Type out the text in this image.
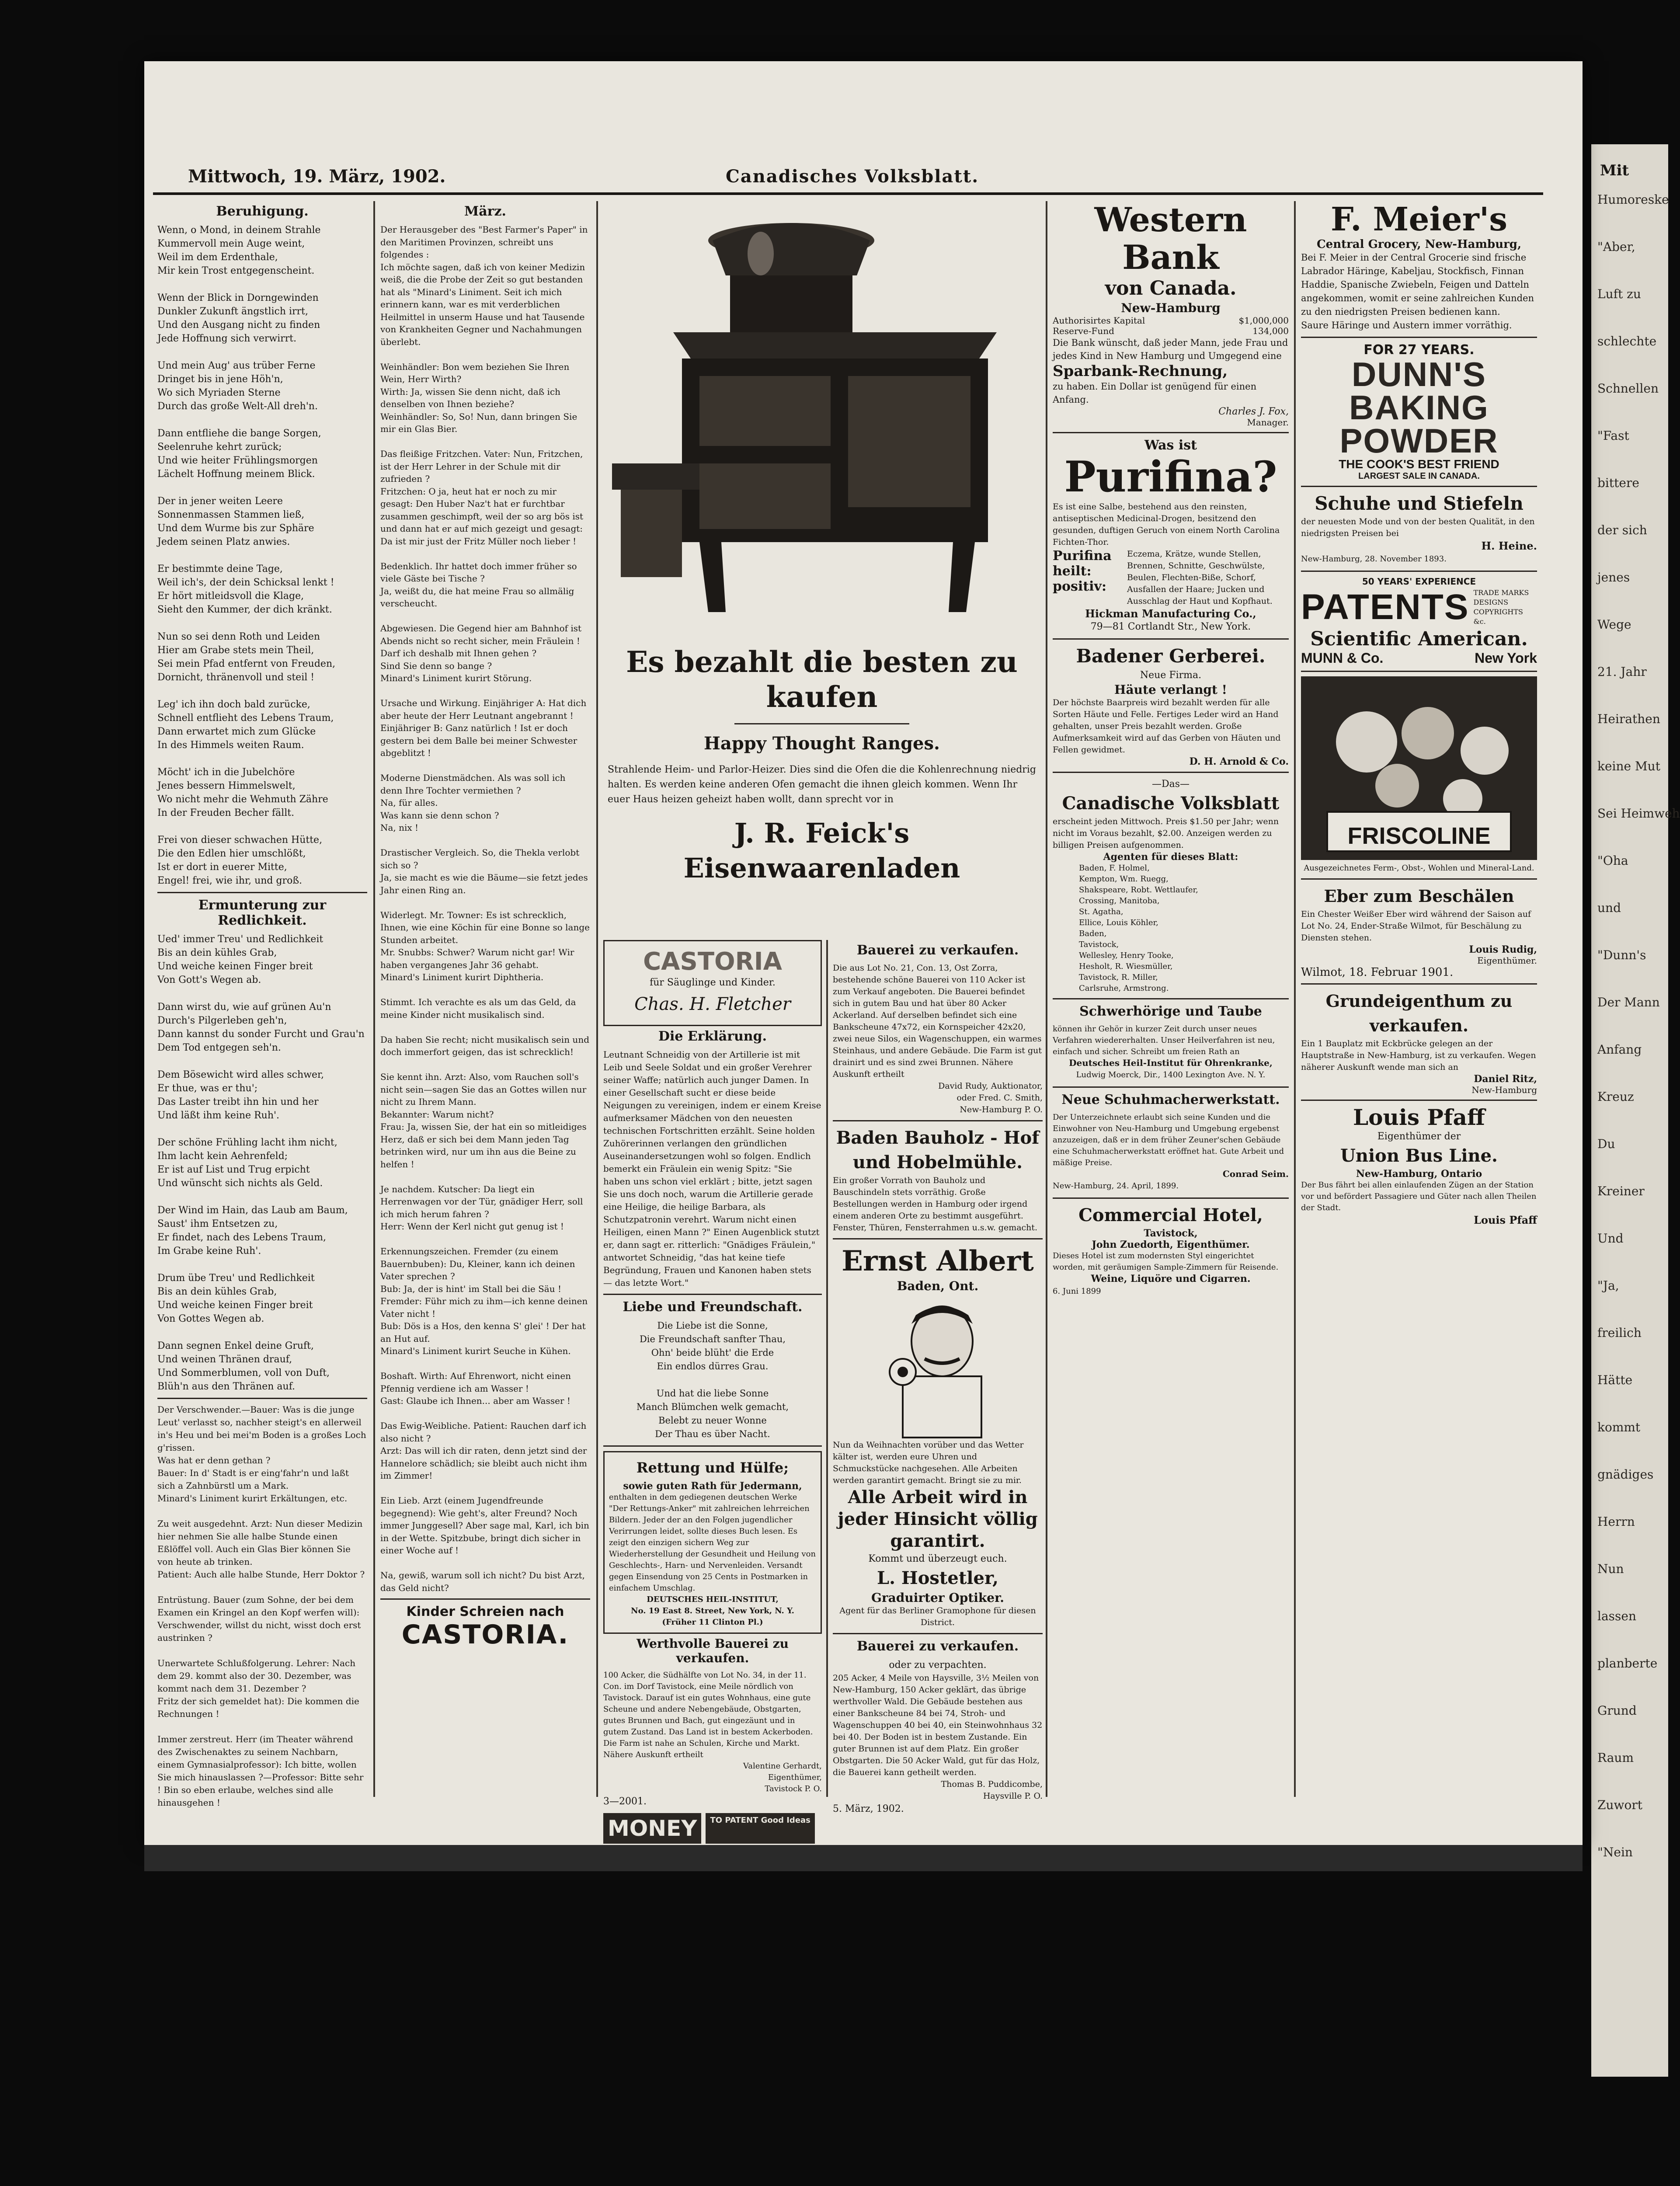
Mit
Humoreske
"Aber,
Luft zu
schlechte
Schnellen
"Fast
bittere
der sich
jenes
Wege
21. Jahr
Heirathen
keine Mut
Sei Heimweh
"Oha
und
"Dunn's
Der Mann
Anfang
Kreuz
Du
Kreiner
Und
"Ja,
freilich
Hätte
kommt
gnädiges
Herrn
Nun
lassen
planberte
Grund
Raum
Zuwort
"Nein
Mittwoch, 19. März, 1902.	Canadisches Volksblatt.
Beruhigung.

Wenn, o Mond, in deinem Strahle
Kummervoll mein Auge weint,
Weil im dem Erdenthale,
Mir kein Trost entgegenscheint.

Wenn der Blick in Dorngewinden
Dunkler Zukunft ängstlich irrt,
Und den Ausgang nicht zu finden
Jede Hoffnung sich verwirrt.

Und mein Aug' aus trüber Ferne
Dringet bis in jene Höh'n,
Wo sich Myriaden Sterne
Durch das große Welt-All dreh'n.

Dann entfliehe die bange Sorgen,
Seelenruhe kehrt zurück;
Und wie heiter Frühlingsmorgen
Lächelt Hoffnung meinem Blick.

Der in jener weiten Leere
Sonnenmassen Stammen ließ,
Und dem Wurme bis zur Sphäre
Jedem seinen Platz anwies.

Er bestimmte deine Tage,
Weil ich's, der dein Schicksal lenkt !
Er hört mitleidsvoll die Klage,
Sieht den Kummer, der dich kränkt.

Nun so sei denn Roth und Leiden
Hier am Grabe stets mein Theil,
Sei mein Pfad entfernt von Freuden,
Dornicht, thränenvoll und steil !

Leg' ich ihn doch bald zurücke,
Schnell entflieht des Lebens Traum,
Dann erwartet mich zum Glücke
In des Himmels weiten Raum.

Möcht' ich in die Jubelchöre
Jenes bessern Himmelswelt,
Wo nicht mehr die Wehmuth Zähre
In der Freuden Becher fällt.

Frei von dieser schwachen Hütte,
Die den Edlen hier umschlößt,
Ist er dort in euerer Mitte,
Engel! frei, wie ihr, und groß.

Ermunterung zur Redlichkeit.

Ued' immer Treu' und Redlichkeit
Bis an dein kühles Grab,
Und weiche keinen Finger breit
Von Gott's Wegen ab.

Dann wirst du, wie auf grünen Au'n
Durch's Pilgerleben geh'n,
Dann kannst du sonder Furcht und Grau'n
Dem Tod entgegen seh'n.

Dem Bösewicht wird alles schwer,
Er thue, was er thu';
Das Laster treibt ihn hin und her
Und läßt ihm keine Ruh'.

Der schöne Frühling lacht ihm nicht,
Ihm lacht kein Aehrenfeld;
Er ist auf List und Trug erpicht
Und wünscht sich nichts als Geld.

Der Wind im Hain, das Laub am Baum,
Saust' ihm Entsetzen zu,
Er findet, nach des Lebens Traum,
Im Grabe keine Ruh'.

Drum übe Treu' und Redlichkeit
Bis an dein kühles Grab,
Und weiche keinen Finger breit
Von Gottes Wegen ab.

Dann segnen Enkel deine Gruft,
Und weinen Thränen drauf,
Und Sommerblumen, voll von Duft,
Blüh'n aus den Thränen auf.

Der Verschwender.—Bauer: Was is die junge Leut' verlasst so, nachher steigt's en allerweil in's Heu und bei mei'm Boden is a großes Loch g'rissen.
Was hat er denn gethan ?
Bauer: In d' Stadt is er eing'fahr'n und laßt sich a Zahnbürstl um a Mark.
Minard's Liniment kurirt Erkältungen, etc.

Zu weit ausgedehnt. Arzt: Nun dieser Medizin hier nehmen Sie alle halbe Stunde einen Eßlöffel voll. Auch ein Glas Bier können Sie von heute ab trinken.
Patient: Auch alle halbe Stunde, Herr Doktor ?

Entrüstung. Bauer (zum Sohne, der bei dem Examen ein Kringel an den Kopf werfen will): Verschwender, willst du nicht, wisst doch erst austrinken ?

Unerwartete Schlußfolgerung. Lehrer: Nach dem 29. kommt also der 30. Dezember, was kommt nach dem 31. Dezember ?
Fritz der sich gemeldet hat): Die kommen die Rechnungen !

Immer zerstreut. Herr (im Theater während des Zwischenaktes zu seinem Nachbarn, einem Gymnasialprofessor): Ich bitte, wollen Sie mich hinauslassen ?—Professor: Bitte sehr ! Bin so eben erlaube, welches sind alle hinausgehen !

März.

Der Herausgeber des "Best Farmer's Paper" in den Maritimen Provinzen, schreibt uns folgendes :
Ich möchte sagen, daß ich von keiner Medizin weiß, die die Probe der Zeit so gut bestanden hat als "Minard's Liniment. Seit ich mich erinnern kann, war es mit verderblichen Heilmittel in unserm Hause und hat Tausende von Krankheiten Gegner und Nachahmungen überlebt.

Weinhändler: Bon wem beziehen Sie Ihren Wein, Herr Wirth?
Wirth: Ja, wissen Sie denn nicht, daß ich denselben von Ihnen beziehe?
Weinhändler: So, So! Nun, dann bringen Sie mir ein Glas Bier.

Das fleißige Fritzchen. Vater: Nun, Fritzchen, ist der Herr Lehrer in der Schule mit dir zufrieden ?
Fritzchen: O ja, heut hat er noch zu mir gesagt: Den Huber Naz't hat er furchtbar zusammen geschimpft, weil der so arg bös ist und dann hat er auf mich gezeigt und gesagt: Da ist mir just der Fritz Müller noch lieber !

Bedenklich. Ihr hattet doch immer früher so viele Gäste bei Tische ?
Ja, weißt du, die hat meine Frau so allmälig verscheucht.

Abgewiesen. Die Gegend hier am Bahnhof ist Abends nicht so recht sicher, mein Fräulein ! Darf ich deshalb mit Ihnen gehen ?
Sind Sie denn so bange ?
Minard's Liniment kurirt Störung.

Ursache und Wirkung. Einjähriger A: Hat dich aber heute der Herr Leutnant angebrannt !
Einjähriger B: Ganz natürlich ! Ist er doch gestern bei dem Balle bei meiner Schwester abgeblitzt !

Moderne Dienstmädchen. Als was soll ich denn Ihre Tochter vermiethen ?
Na, für alles.
Was kann sie denn schon ?
Na, nix !

Drastischer Vergleich. So, die Thekla verlobt sich so ?
Ja, sie macht es wie die Bäume—sie fetzt jedes Jahr einen Ring an.

Widerlegt. Mr. Towner: Es ist schrecklich, Ihnen, wie eine Köchin für eine Bonne so lange Stunden arbeitet.
Mr. Snubbs: Schwer? Warum nicht gar! Wir haben vergangenes Jahr 36 gehabt.
Minard's Liniment kurirt Diphtheria.

Stimmt. Ich verachte es als um das Geld, da meine Kinder nicht musikalisch sind.

Da haben Sie recht; nicht musikalisch sein und doch immerfort geigen, das ist schrecklich!

Sie kennt ihn. Arzt: Also, vom Rauchen soll's nicht sein—sagen Sie das an Gottes willen nur nicht zu Ihrem Mann.
Bekannter: Warum nicht?
Frau: Ja, wissen Sie, der hat ein so mitleidiges Herz, daß er sich bei dem Mann jeden Tag betrinken wird, nur um ihn aus die Beine zu helfen !

Je nachdem. Kutscher: Da liegt ein Herrenwagen vor der Tür, gnädiger Herr, soll ich mich herum fahren ?
Herr: Wenn der Kerl nicht gut genug ist !

Erkennungszeichen. Fremder (zu einem Bauernbuben): Du, Kleiner, kann ich deinen Vater sprechen ?
Bub: Ja, der is hint' im Stall bei die Säu !
Fremder: Führ mich zu ihm—ich kenne deinen Vater nicht !
Bub: Dös is a Hos, den kenna S' glei' ! Der hat an Hut auf.
Minard's Liniment kurirt Seuche in Kühen.

Boshaft. Wirth: Auf Ehrenwort, nicht einen Pfennig verdiene ich am Wasser !
Gast: Glaube ich Ihnen... aber am Wasser !

Das Ewig-Weibliche. Patient: Rauchen darf ich also nicht ?
Arzt: Das will ich dir raten, denn jetzt sind der Hannelore schädlich; sie bleibt auch nicht ihm im Zimmer!

Ein Lieb. Arzt (einem Jugendfreunde begegnend): Wie geht's, alter Freund? Noch immer Junggesell? Aber sage mal, Karl, ich bin in der Wette. Spitzbube, bringt dich sicher in einer Woche auf !

Na, gewiß, warum soll ich nicht? Du bist Arzt, das Geld nicht?

Kinder Schreien nach
CASTORIA.
Es bezahlt die besten zu kaufen
Happy Thought Ranges.

Strahlende Heim- und Parlor-Heizer. Dies sind die Ofen die die Kohlenrechnung niedrig halten. Es werden keine anderen Ofen gemacht die ihnen gleich kommen. Wenn Ihr euer Haus heizen geheizt haben wollt, dann sprecht vor in

J. R. Feick's Eisenwaarenladen
CASTORIA
für Säuglinge und Kinder.
Chas. H. Fletcher
Die Erklärung.

Leutnant Schneidig von der Artillerie ist mit Leib und Seele Soldat und ein großer Verehrer seiner Waffe; natürlich auch junger Damen. In einer Gesellschaft sucht er diese beide Neigungen zu vereinigen, indem er einem Kreise aufmerksamer Mädchen von den neuesten technischen Fortschritten erzählt. Seine holden Zuhörerinnen verlangen den gründlichen Auseinandersetzungen wohl so folgen. Endlich bemerkt ein Fräulein ein wenig Spitz: "Sie haben uns schon viel erklärt ; bitte, jetzt sagen Sie uns doch noch, warum die Artillerie gerade eine Heilige, die heilige Barbara, als Schutzpatronin verehrt. Warum nicht einen Heiligen, einen Mann ?" Einen Augenblick stutzt er, dann sagt er. ritterlich: "Gnädiges Fräulein," antwortet Schneidig, "das hat keine tiefe Begründung, Frauen und Kanonen haben stets — das letzte Wort."

Liebe und Freundschaft.

Die Liebe ist die Sonne,
Die Freundschaft sanfter Thau,
Ohn' beide blüht' die Erde
Ein endlos dürres Grau.

Und hat die liebe Sonne
Manch Blümchen welk gemacht,
Belebt zu neuer Wonne
Der Thau es über Nacht.

Rettung und Hülfe;
sowie guten Rath für Jedermann,

enthalten in dem gediegenen deutschen Werke "Der Rettungs-Anker" mit zahlreichen lehrreichen Bildern. Jeder der an den Folgen jugendlicher Verirrungen leidet, sollte dieses Buch lesen. Es zeigt den einzigen sichern Weg zur Wiederherstellung der Gesundheit und Heilung von Geschlechts-, Harn- und Nervenleiden. Versandt gegen Einsendung von 25 Cents in Postmarken in einfachem Umschlag.

DEUTSCHES HEIL-INSTITUT,
No. 19 East 8. Street, New York, N. Y.
(Früher 11 Clinton Pl.)

Werthvolle Bauerei zu verkaufen.

100 Acker, die Südhälfte von Lot No. 34, in der 11. Con. im Dorf Tavistock, eine Meile nördlich von Tavistock. Darauf ist ein gutes Wohnhaus, eine gute Scheune und andere Nebengebäude, Obstgarten, gutes Brunnen und Bach, gut eingezäunt und in gutem Zustand. Das Land ist in bestem Ackerboden. Die Farm ist nahe an Schulen, Kirche und Markt. Nähere Auskunft ertheilt

Valentine Gerhardt,
Eigenthümer,
Tavistock P. O.

3—2001.
MONEY	TO PATENT Good Ideas
Bauerei zu verkaufen.

Die aus Lot No. 21, Con. 13, Ost Zorra, bestehende schöne Bauerei von 110 Acker ist zum Verkauf angeboten. Die Bauerei befindet sich in gutem Bau und hat über 80 Acker Ackerland. Auf derselben befindet sich eine Bankscheune 47x72, ein Kornspeicher 42x20, zwei neue Silos, ein Wagenschuppen, ein warmes Steinhaus, und andere Gebäude. Die Farm ist gut drainirt und es sind zwei Brunnen. Nähere Auskunft ertheilt

David Rudy, Auktionator,
oder Fred. C. Smith,
New-Hamburg P. O.

Baden Bauholz - Hof
und Hobelmühle.

Ein großer Vorrath von Bauholz und Bauschindeln stets vorräthig. Große Bestellungen werden in Hamburg oder irgend einem anderen Orte zu bestimmt ausgeführt. Fenster, Thüren, Fensterrahmen u.s.w. gemacht.

Ernst Albert
Baden, Ont.

Nun da Weihnachten vorüber und das Wetter kälter ist, werden eure Uhren und Schmuckstücke nachgesehen. Alle Arbeiten werden garantirt gemacht. Bringt sie zu mir.

Alle Arbeit wird in jeder Hinsicht völlig garantirt.
Kommt und überzeugt euch.
L. Hostetler,
Graduirter Optiker.

Agent für das Berliner Gramophone für diesen District.

Bauerei zu verkaufen.
oder zu verpachten.

205 Acker, 4 Meile von Haysville, 3½ Meilen von New-Hamburg, 150 Acker geklärt, das übrige werthvoller Wald. Die Gebäude bestehen aus einer Bankscheune 84 bei 74, Stroh- und Wagenschuppen 40 bei 40, ein Steinwohnhaus 32 bei 40. Der Boden ist in bestem Zustande. Ein guter Brunnen ist auf dem Platz. Ein großer Obstgarten. Die 50 Acker Wald, gut für das Holz, die Bauerei kann getheilt werden.

Thomas B. Puddicombe,
Haysville P. O.

5. März, 1902.
Western Bank
von Canada.
New-Hamburg
Authorisirtes Kapital	$1,000,000
Reserve-Fund	134,000

Die Bank wünscht, daß jeder Mann, jede Frau und jedes Kind in New Hamburg und Umgegend eine

Sparbank-Rechnung,

zu haben. Ein Dollar ist genügend für einen Anfang.

Charles J. Fox,
Manager.
Was ist
Purifina?

Es ist eine Salbe, bestehend aus den reinsten, antiseptischen Medicinal-Drogen, besitzend den gesunden, duftigen Geruch von einem North Carolina Fichten-Thor.

Purifina
heilt:
positiv:
Eczema, Krätze, wunde Stellen, Brennen, Schnitte, Geschwülste, Beulen, Flechten-Biße, Schorf, Ausfallen der Haare; Jucken und Ausschlag der Haut und Kopfhaut.
Hickman Manufacturing Co.,
79—81 Cortlandt Str., New York.
Badener Gerberei.
Neue Firma.
Häute verlangt !

Der höchste Baarpreis wird bezahlt werden für alle Sorten Häute und Felle. Fertiges Leder wird an Hand gehalten, unser Preis bezahlt werden. Große Aufmerksamkeit wird auf das Gerben von Häuten und Fellen gewidmet.

D. H. Arnold & Co.
—Das—
Canadische Volksblatt

erscheint jeden Mittwoch. Preis $1.50 per Jahr; wenn nicht im Voraus bezahlt, $2.00. Anzeigen werden zu billigen Preisen aufgenommen.

Agenten für dieses Blatt:

Baden, F. Holmel,
Kempton, Wm. Ruegg,
Shakspeare, Robt. Wettlaufer,
Crossing, Manitoba,
St. Agatha,
Ellice, Louis Köhler,
Baden,
Tavistock,
Wellesley, Henry Tooke,
Hesholt, R. Wiesmüller,
Tavistock, R. Miller,
Carlsruhe, Armstrong.

Schwerhörige und Taube

können ihr Gehör in kurzer Zeit durch unser neues Verfahren wiedererhalten. Unser Heilverfahren ist neu, einfach und sicher. Schreibt um freien Rath an

Deutsches Heil-Institut für Ohrenkranke,
Ludwig Moerck, Dir., 1400 Lexington Ave. N. Y.
Neue Schuhmacherwerkstatt.

Der Unterzeichnete erlaubt sich seine Kunden und die Einwohner von Neu-Hamburg und Umgebung ergebenst anzuzeigen, daß er in dem früher Zeuner'schen Gebäude eine Schuhmacherwerkstatt eröffnet hat. Gute Arbeit und mäßige Preise.

Conrad Seim.
New-Hamburg, 24. April, 1899.
Commercial Hotel,
Tavistock,
John Zuedorth, Eigenthümer.

Dieses Hotel ist zum modernsten Styl eingerichtet worden, mit geräumigen Sample-Zimmern für Reisende.

Weine, Liquöre und Cigarren.
6. Juni 1899
F. Meier's
Central Grocery, New-Hamburg,

Bei F. Meier in der Central Grocerie sind frische Labrador Häringe, Kabeljau, Stockfisch, Finnan Haddie, Spanische Zwiebeln, Feigen und Datteln angekommen, womit er seine zahlreichen Kunden zu den niedrigsten Preisen bedienen kann.

Saure Häringe und Austern immer vorräthig.

FOR 27 YEARS.
DUNN'S
BAKING
POWDER
THE COOK'S BEST FRIEND
LARGEST SALE IN CANADA.
Schuhe und Stiefeln

der neuesten Mode und von der besten Qualität, in den niedrigsten Preisen bei

H. Heine.
New-Hamburg, 28. November 1893.
50 YEARS' EXPERIENCE
PATENTS TRADE MARKS
DESIGNS
COPYRIGHTS &c.
Scientific American.
MUNN & Co.	New York
FRISCOLINE

Ausgezeichnetes Ferm-, Obst-, Wohlen und Mineral-Land.

Eber zum Beschälen

Ein Chester Weißer Eber wird während der Saison auf Lot No. 24, Ender-Straße Wilmot, für Beschälung zu Diensten stehen.

Louis Rudig,
Eigenthümer.
Wilmot, 18. Februar 1901.
Grundeigenthum zu verkaufen.

Ein 1 Bauplatz mit Eckbrücke gelegen an der Hauptstraße in New-Hamburg, ist zu verkaufen. Wegen näherer Auskunft wende man sich an

Daniel Ritz,
New-Hamburg
Louis Pfaff
Eigenthümer der
Union Bus Line.
New-Hamburg, Ontario

Der Bus fährt bei allen einlaufenden Zügen an der Station vor und befördert Passagiere und Güter nach allen Theilen der Stadt.

Louis Pfaff
